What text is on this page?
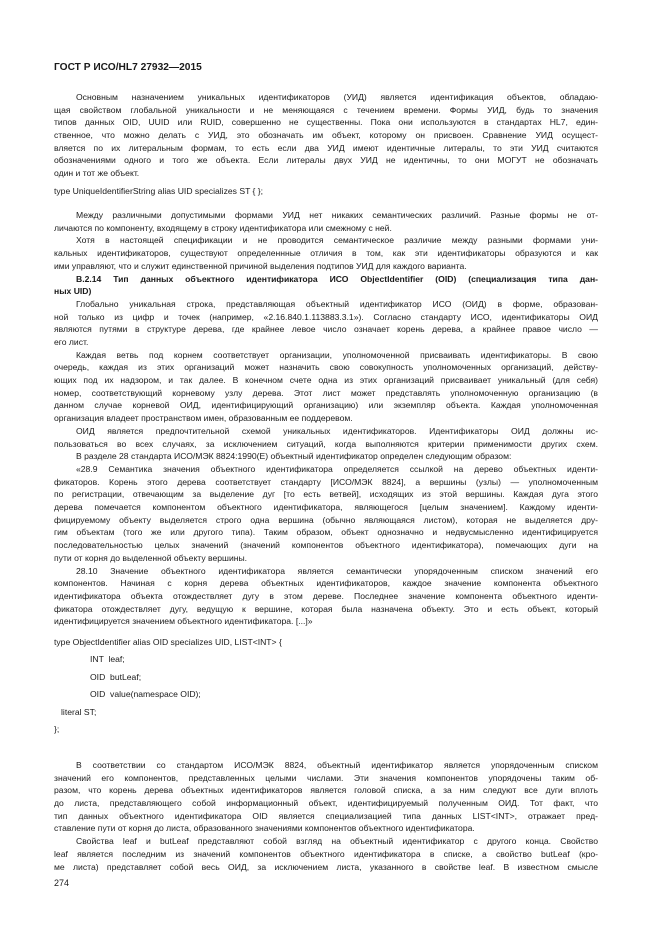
ГОСТ Р ИСО/HL7 27932—2015
Основным назначением уникальных идентификаторов (УИД) является идентификация объектов, обладаю-
щая свойством глобальной уникальности и не меняющаяся с течением времени. Формы УИД, будь то значения
типов данных OID, UUID или RUID, совершенно не существенны. Пока они используются в стандартах HL7, един-
ственное, что можно делать с УИД, это обозначать им объект, которому он присвоен. Сравнение УИД осущест-
вляется по их литеральным формам, то есть если два УИД имеют идентичные литералы, то эти УИД считаются
обозначениями одного и того же объекта. Если литералы двух УИД не идентичны, то они МОГУТ не обозначать
один и тот же объект.
type UniqueIdentifierString alias UID specializes ST { };
Между различными допустимыми формами УИД нет никаких семантических различий. Разные формы не от-
личаются по компоненту, входящему в строку идентификатора или смежному с ней.
Хотя в настоящей спецификации и не проводится семантическое различие между разными формами уни-
кальных идентификаторов, существуют определеннные отличия в том, как эти идентификаторы образуются и как
ими управляют, что и служит единственной причиной выделения подтипов УИД для каждого варианта.
В.2.14 Тип данных объектного идентификатора ИСО ObjectIdentifier (OID) (специализация типа дан-
ных UID)
Глобально уникальная строка, представляющая объектный идентификатор ИСО (ОИД) в форме, образован-
ной только из цифр и точек (например, «2.16.840.1.113883.3.1»). Согласно стандарту ИСО, идентификаторы ОИД
являются путями в структуре дерева, где крайнее левое число означает корень дерева, а крайнее правое число —
его лист.
Каждая ветвь под корнем соответствует организации, уполномоченной присваивать идентификаторы. В свою
очередь, каждая из этих организаций может назначить свою совокупность уполномоченных организаций, действу-
ющих под их надзором, и так далее. В конечном счете одна из этих организаций присваивает уникальный (для себя)
номер, соответствующий корневому узлу дерева. Этот лист может представлять уполномоченную организацию (в
данном случае корневой ОИД, идентифицирующий организацию) или экземпляр объекта. Каждая уполномоченная
организация владеет пространством имен, образованным ее поддеревом.
ОИД является предпочтительной схемой уникальных идентификаторов. Идентификаторы ОИД должны ис-
пользоваться во всех случаях, за исключением ситуаций, когда выполняются критерии применимости других схем.
В разделе 28 стандарта ИСО/МЭК 8824:1990(E) объектный идентификатор определен следующим образом:
«28.9 Семантика значения объектного идентификатора определяется ссылкой на дерево объектных иденти-
фикаторов. Корень этого дерева соответствует стандарту [ИСО/МЭК 8824], а вершины (узлы) — уполномоченным
по регистрации, отвечающим за выделение дуг [то есть ветвей], исходящих из этой вершины. Каждая дуга этого
дерева помечается компонентом объектного идентификатора, являющегося [целым значением]. Каждому иденти-
фицируемому объекту выделяется строго одна вершина (обычно являющаяся листом), которая не выделяется дру-
гим объектам (того же или другого типа). Таким образом, объект однозначно и недвусмысленно идентифицируется
последовательностью целых значений (значений компонентов объектного идентификатора), помечающих дуги на
пути от корня до выделенной объекту вершины.
28.10 Значение объектного идентификатора является семантически упорядоченным списком значений его
компонентов. Начиная с корня дерева объектных идентификаторов, каждое значение компонента объектного
идентификатора объекта отождествляет дугу в этом дереве. Последнее значение компонента объектного иденти-
фикатора отождествляет дугу, ведущую к вершине, которая была назначена объекту. Это и есть объект, который
идентифицируется значением объектного идентификатора. [...]»
type ObjectIdentifier alias OID specializes UID, LIST<INT> {
INT  leaf;
OID  butLeaf;
OID  value(namespace OID);
literal ST;
};
В соответствии со стандартом ИСО/МЭК 8824, объектный идентификатор является упорядоченным списком
значений его компонентов, представленных целыми числами. Эти значения компонентов упорядочены таким об-
разом, что корень дерева объектных идентификаторов является головой списка, а за ним следуют все дуги вплоть
до листа, представляющего собой информационный объект, идентифицируемый полученным ОИД. Тот факт, что
тип данных объектного идентификатора OID является специализацией типа данных LIST<INT>, отражает пред-
ставление пути от корня до листа, образованного значениями компонентов объектного идентификатора.
Свойства leaf и butLeaf представляют собой взгляд на объектный идентификатор с другого конца. Свойство
leaf является последним из значений компонентов объектного идентификатора в списке, а свойство butLeaf (кро-
ме листа) представляет собой весь ОИД, за исключением листа, указанного в свойстве leaf. В известном смысле
274
